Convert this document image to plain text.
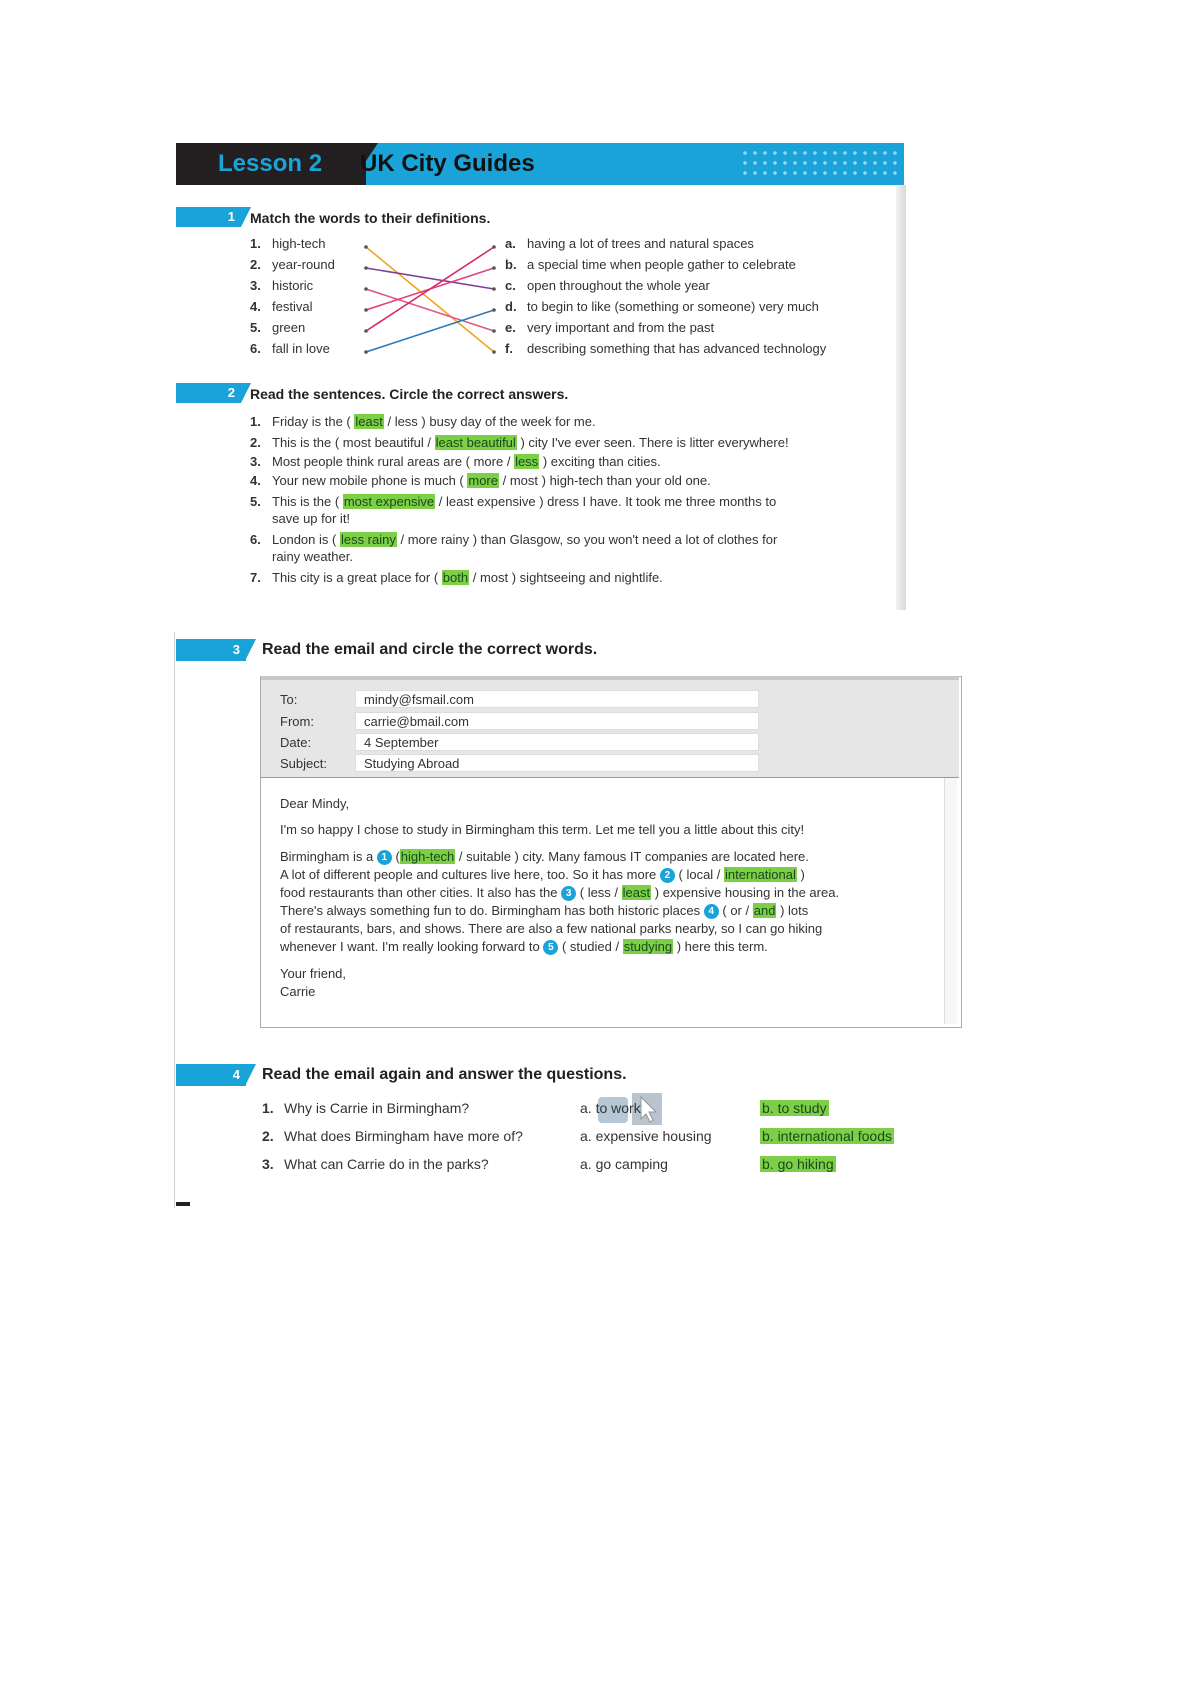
Lesson 2 UK City Guides
1	Match the words to their definitions.
1. high-tech
2. year-round
3. historic
4. festival
5. green
6. fall in love
a. having a lot of trees and natural spaces
b. a special time when people gather to celebrate
c. open throughout the whole year
d. to begin to like (something or someone) very much
e. very important and from the past
f. describing something that has advanced technology
2	Read the sentences. Circle the correct answers.
1. Friday is the ( least / less ) busy day of the week for me.
2. This is the ( most beautiful / least beautiful ) city I've ever seen. There is litter everywhere!
3. Most people think rural areas are ( more / less ) exciting than cities.
4. Your new mobile phone is much ( more / most ) high-tech than your old one.
5. This is the ( most expensive / least expensive ) dress I have. It took me three months to
save up for it!
6. London is ( less rainy / more rainy ) than Glasgow, so you won't need a lot of clothes for
rainy weather.
7. This city is a great place for ( both / most ) sightseeing and nightlife.
3	Read the email and circle the correct words.
To:	mindy@fsmail.com
From:	carrie@bmail.com
Date:	4 September
Subject:	Studying Abroad
Dear Mindy,
I'm so happy I chose to study in Birmingham this term. Let me tell you a little about this city!
Birmingham is a 1 (high-tech / suitable ) city. Many famous IT companies are located here.
A lot of different people and cultures live here, too. So it has more 2 ( local / international )
food restaurants than other cities. It also has the 3 ( less / least ) expensive housing in the area.
There's always something fun to do. Birmingham has both historic places 4 ( or / and ) lots
of restaurants, bars, and shows. There are also a few national parks nearby, so I can go hiking
whenever I want. I'm really looking forward to 5 ( studied / studying ) here this term.
Your friend,
Carrie
4	Read the email again and answer the questions.
1. Why is Carrie in Birmingham?	a. to work	b. to study
2. What does Birmingham have more of?	a. expensive housing	b. international foods
3. What can Carrie do in the parks?	a. go camping	b. go hiking
